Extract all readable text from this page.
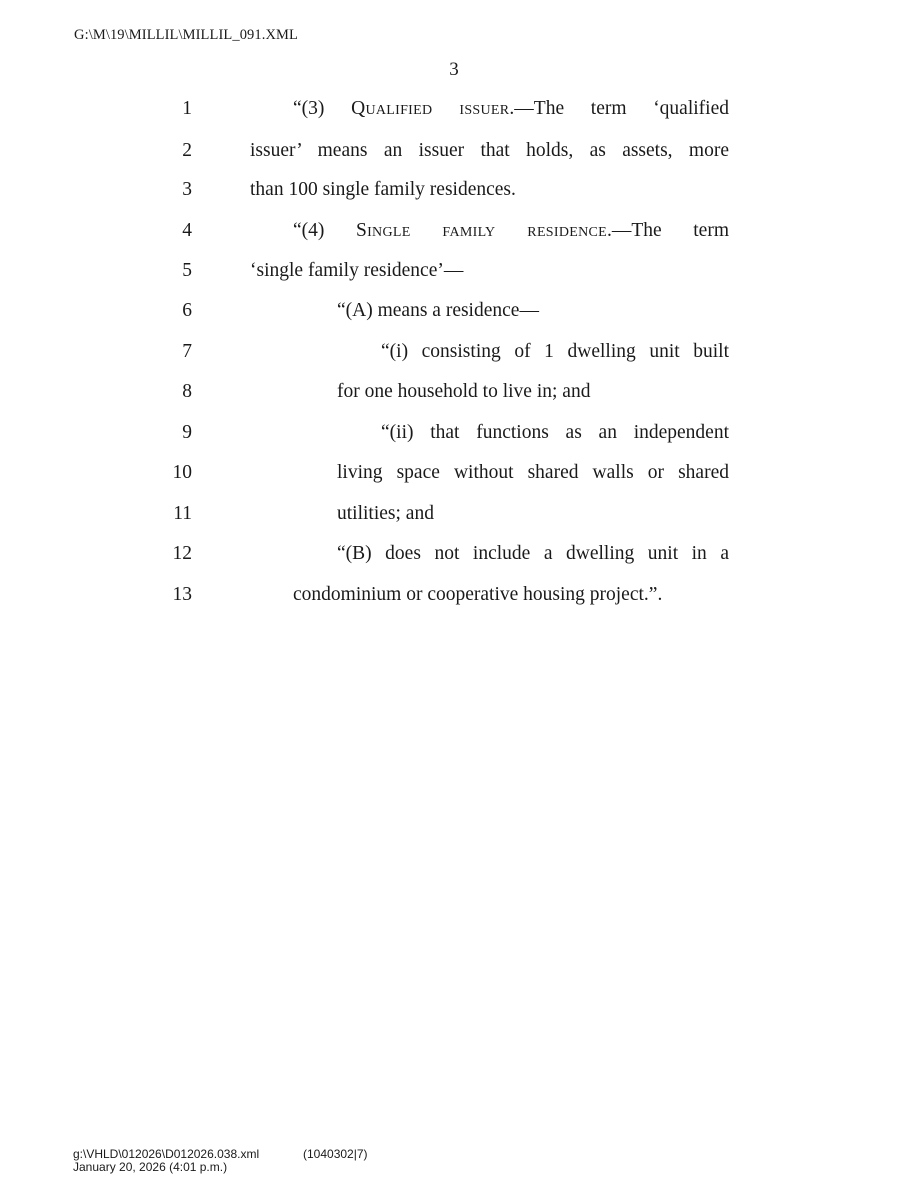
G:\M\19\MILLIL\MILLIL_091.XML
3
1	“(3) Qualified issuer.—The term ‘qualified
2	issuer’ means an issuer that holds, as assets, more
3	than 100 single family residences.
4	“(4) Single family residence.—The term
5	‘single family residence’—
6	“(A) means a residence—
7	“(i) consisting of 1 dwelling unit built
8	for one household to live in; and
9	“(ii) that functions as an independent
10	living space without shared walls or shared
11	utilities; and
12	“(B) does not include a dwelling unit in a
13	condominium or cooperative housing project.”.
g:\VHLD\012026\D012026.038.xml	(1040302|7)
January 20, 2026 (4:01 p.m.)
